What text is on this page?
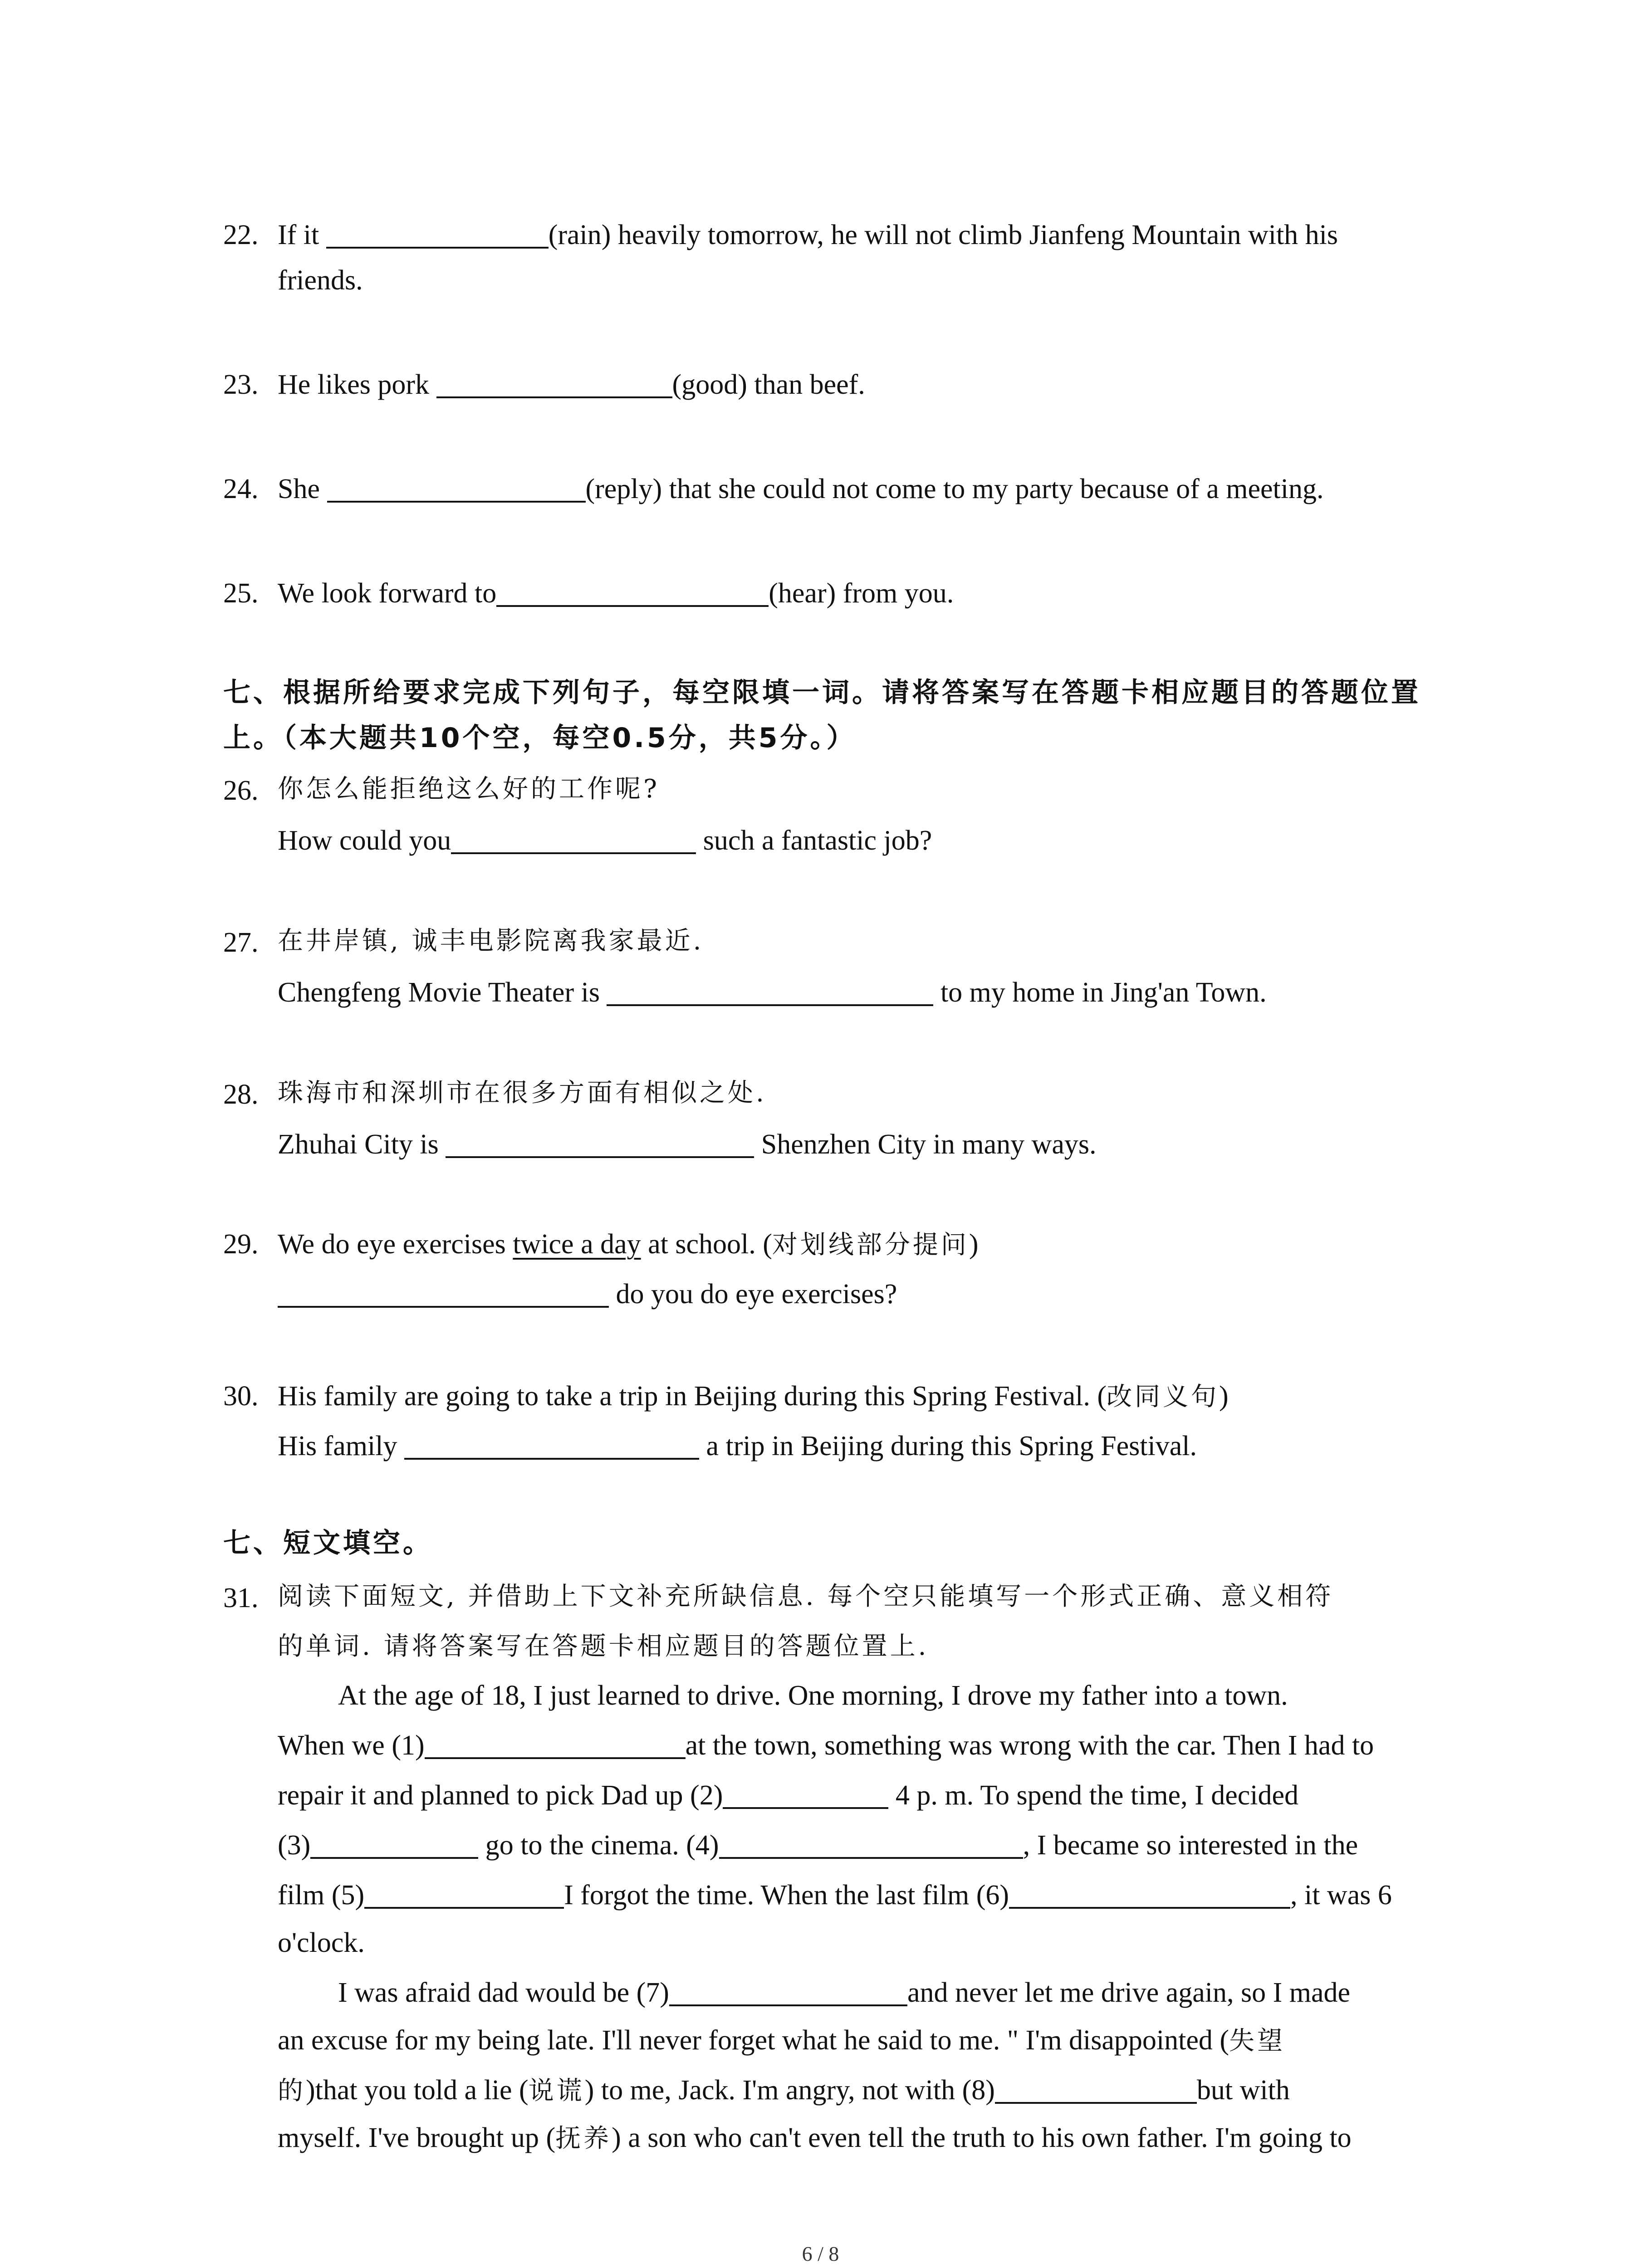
22. If it	(rain) heavily tomorrow, he will not climb Jianfeng Mountain with his
friends.
23. He likes pork	(good) than beef.
24. She	(reply) that she could not come to my party because of a meeting.
25. We look forward to	(hear) from you.
七、根据所给要求完成下列句子，每空限填一词。请将答案写在答题卡相应题目的答题位置
上。（本大题共10个空，每空0.5分，共5分。）
26. 你怎么能拒绝这么好的工作呢?
How could you	such a fantastic job?
27. 在井岸镇, 诚丰电影院离我家最近.
Chengfeng Movie Theater is	to my home in Jing'an Town.
28. 珠海市和深圳市在很多方面有相似之处.
Zhuhai City is	Shenzhen City in many ways.
29. We do eye exercises twice a day at school. (对划线部分提问)
do you do eye exercises?
30. His family are going to take a trip in Beijing during this Spring Festival. (改同义句)
His family	a trip in Beijing during this Spring Festival.
七、短文填空。
31. 阅读下面短文, 并借助上下文补充所缺信息. 每个空只能填写一个形式正确、意义相符
的单词. 请将答案写在答题卡相应题目的答题位置上.
At the age of 18, I just learned to drive. One morning, I drove my father into a town.
When we (1)	at the town, something was wrong with the car. Then I had to
repair it and planned to pick Dad up (2)	4 p. m. To spend the time, I decided
(3)	go to the cinema. (4)	, I became so interested in the
film (5)	I forgot the time. When the last film (6)	, it was 6
o'clock.
I was afraid dad would be (7)	and never let me drive again, so I made
an excuse for my being late. I'll never forget what he said to me. " I'm disappointed (失望
的)that you told a lie (说谎) to me, Jack. I'm angry, not with (8)	but with
myself. I've brought up (抚养) a son who can't even tell the truth to his own father. I'm going to
6 / 8
